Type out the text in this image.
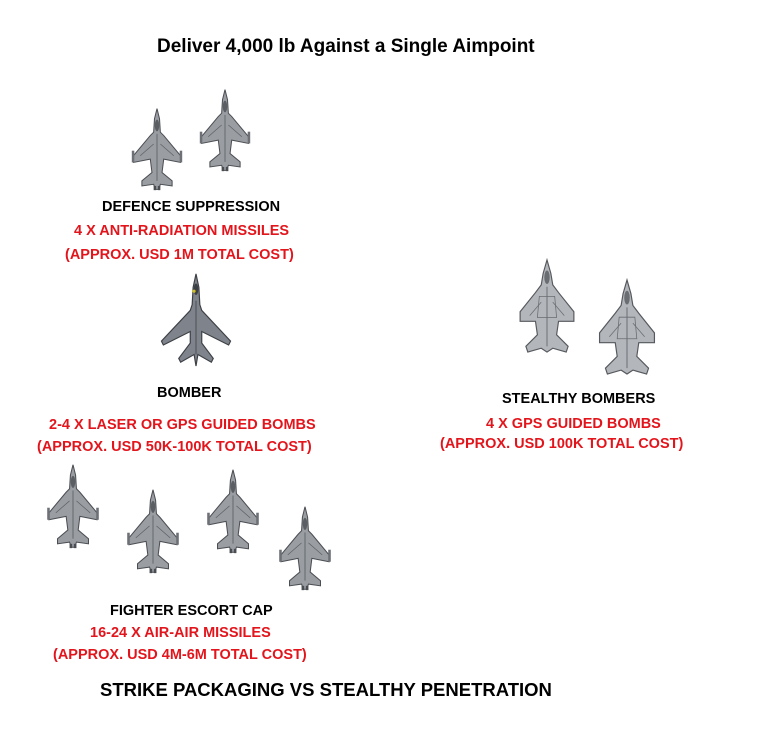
Deliver 4,000 lb Against a Single Aimpoint
DEFENCE SUPPRESSION
4 X ANTI-RADIATION MISSILES
(APPROX. USD 1M TOTAL COST)
BOMBER
2-4 X LASER OR GPS GUIDED BOMBS
(APPROX. USD 50K-100K TOTAL COST)
STEALTHY BOMBERS
4 X GPS GUIDED BOMBS
(APPROX. USD 100K TOTAL COST)
FIGHTER ESCORT CAP
16-24 X AIR-AIR MISSILES
(APPROX. USD 4M-6M TOTAL COST)
STRIKE PACKAGING VS STEALTHY PENETRATION
